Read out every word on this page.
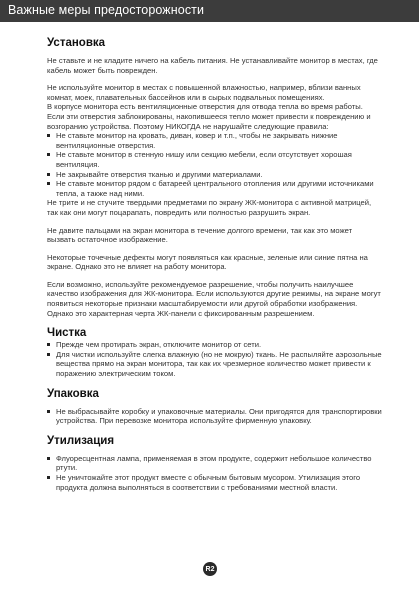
Важные меры предосторожности
Установка

Не ставьте и не кладите ничего на кабель питания. Не устанавливайте монитор в местах, где кабель может быть поврежден.

Не используйте монитор в местах с повышенной влажностью, например, вблизи ванных комнат, моек, плавательных бассейнов или в сырых подвальных помещениях.

В корпусе монитора есть вентиляционные отверстия для отвода тепла во время работы. Если эти отверстия заблокированы, накопившееся тепло может привести к повреждению и возгоранию устройства. Поэтому НИКОГДА не нарушайте следующие правила:

Не ставьте монитор на кровать, диван, ковер и т.п., чтобы не закрывать нижние вентиляционные отверстия.
Не ставьте монитор в стенную нишу или секцию мебели, если отсутствует хорошая вентиляция.
Не закрывайте отверстия тканью и другими материалами.
Не ставьте монитор рядом с батареей центрального отопления или другими источниками тепла, а также над ними.

Не трите и не стучите твердыми предметами по экрану ЖК-монитора с активной матрицей, так как они могут поцарапать, повредить или полностью разрушить экран.

Не давите пальцами на экран монитора в течение долгого времени, так как это может вызвать остаточное изображение.

Некоторые точечные дефекты могут появляться как красные, зеленые или синие пятна на экране. Однако это не влияет на работу монитора.

Если возможно, используйте рекомендуемое разрешение, чтобы получить наилучшее качество изображения для ЖК-монитора. Если используются другие режимы, на экране могут появиться некоторые признаки масштабируемости или другой обработки изображения. Однако это характерная черта ЖК-панели с фиксированным разрешением.

Чистка
Прежде чем протирать экран, отключите монитор от сети.
Для чистки используйте слегка влажную (но не мокрую) ткань. Не распыляйте аэрозольные вещества прямо на экран монитора, так как их чрезмерное количество может привести к поражению электрическим током.
Упаковка
Не выбрасывайте коробку и упаковочные материалы. Они пригодятся для транспортировки устройства. При перевозке монитора используйте фирменную упаковку.
Утилизация
Флуоресцентная лампа, применяемая в этом продукте, содержит небольшое количество ртути.
Не уничтожайте этот продукт вместе с обычным бытовым мусором. Утилизация этого продукта должна выполняться в соответствии с требованиями местной власти.
R2
